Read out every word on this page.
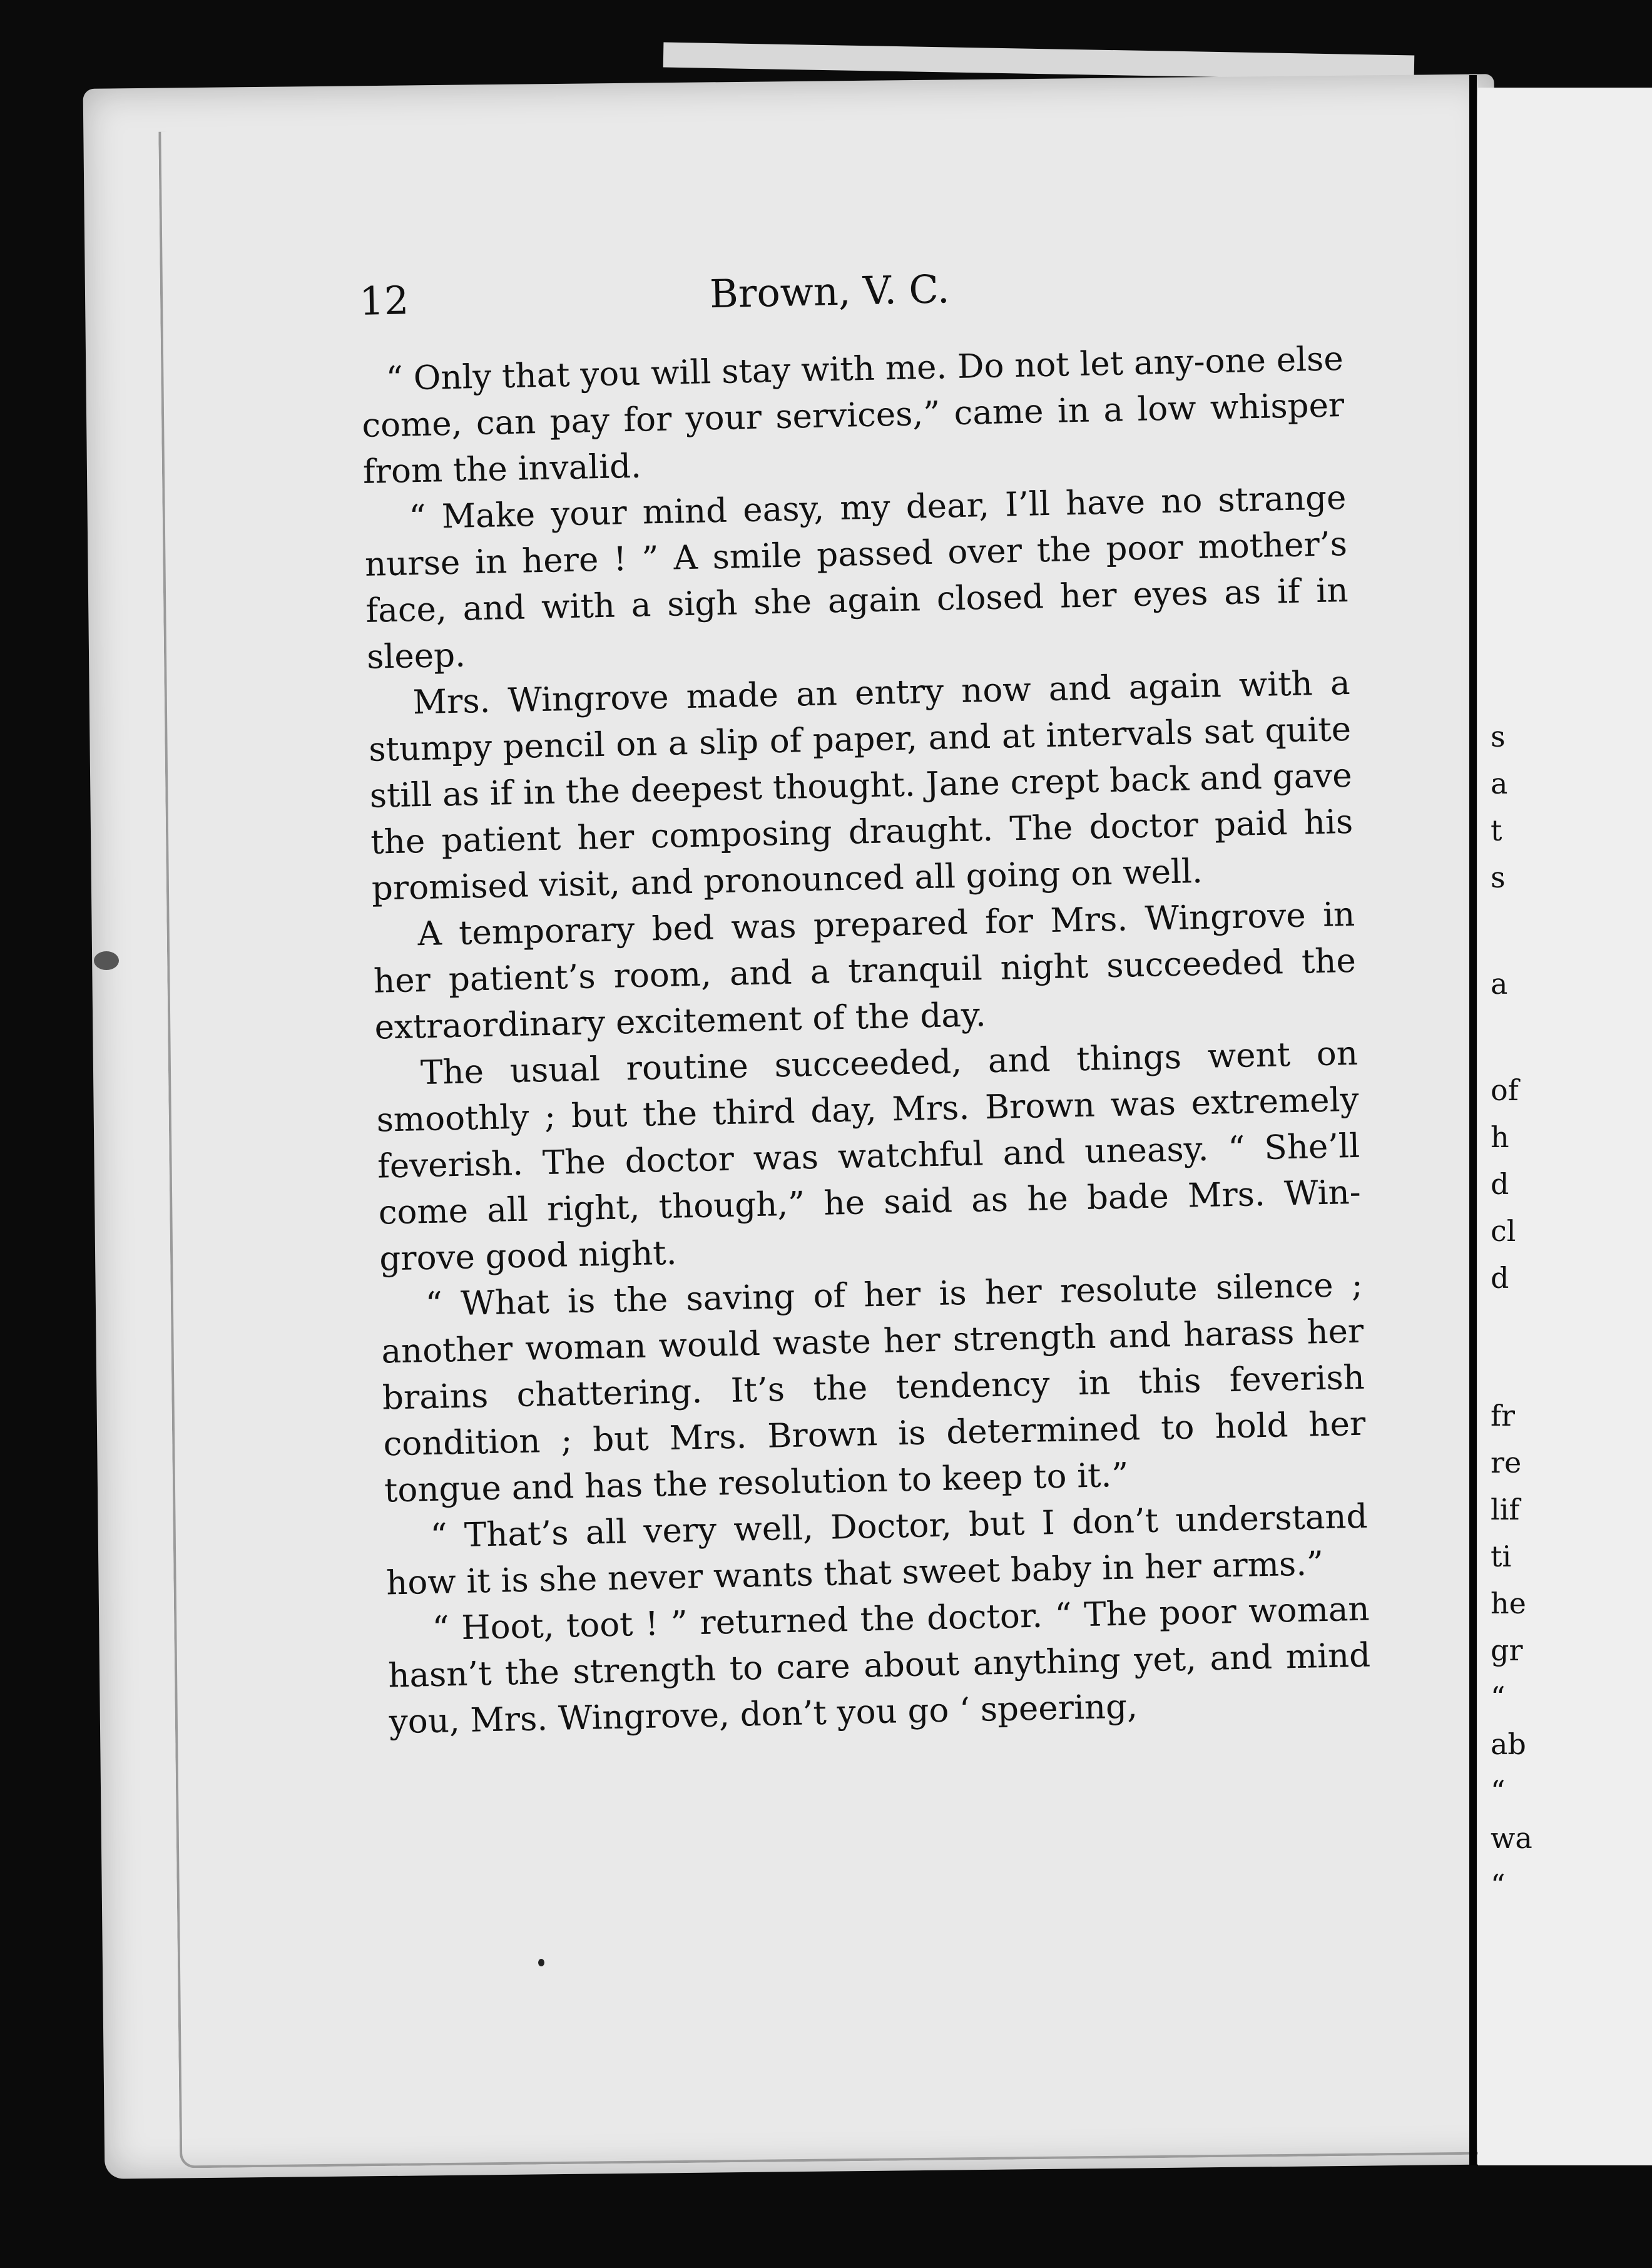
s
a
t
s
a
of
h
d
cl
d
fr
re
lif
ti
he
gr
“
ab
“
wa
“
12	Brown, V. C.

“ Only that you will stay with me. Do not let any-one else come, can pay for your services,” came in a low whisper from the invalid.

“ Make your mind easy, my dear, I’ll have no strange nurse in here ! ” A smile passed over the poor mother’s face, and with a sigh she again closed her eyes as if in sleep.

Mrs. Wingrove made an entry now and again with a stumpy pencil on a slip of paper, and at intervals sat quite still as if in the deepest thought. Jane crept back and gave the patient her composing draught. The doctor paid his promised visit, and pronounced all going on well.

A temporary bed was prepared for Mrs. Wingrove in her patient’s room, and a tranquil night succeeded the extraordinary excitement of the day.

The usual routine succeeded, and things went on smoothly ; but the third day, Mrs. Brown was extremely feverish. The doctor was watchful and uneasy. “ She’ll come all right, though,” he said as he bade Mrs. Win-grove good night.

“ What is the saving of her is her resolute silence ; another woman would waste her strength and harass her brains chattering. It’s the tendency in this feverish condition ; but Mrs. Brown is determined to hold her tongue and has the resolution to keep to it.”

“ That’s all very well, Doctor, but I don’t understand how it is she never wants that sweet baby in her arms.”

“ Hoot, toot ! ” returned the doctor. “ The poor woman hasn’t the strength to care about anything yet, and mind you, Mrs. Wingrove, don’t you go ‘ speering,
